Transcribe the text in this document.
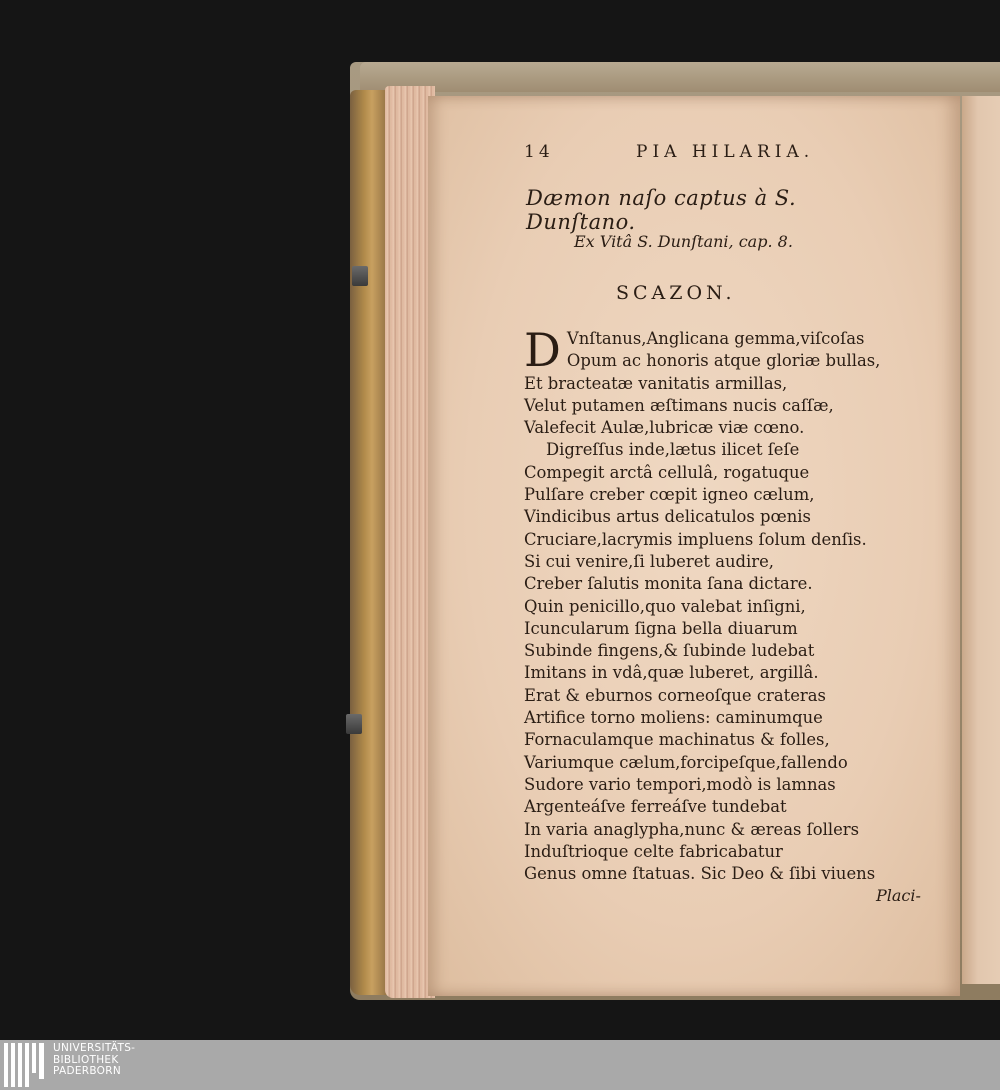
14	PIA HILARIA.
Dæmon naſo captus à S. Dunſtano.
Ex Vitâ S. Dunſtani, cap. 8.
SCAZON.
D Vnſtanus,Anglicana gemma,viſcoſas
Opum ac honoris atque gloriæ bullas,
Et bracteatæ vanitatis armillas,
Velut putamen æſtimans nucis caſſæ,
Valefecit Aulæ,lubricæ viæ cœno.
Digreſſus inde,lætus ilicet ſeſe
Compegit arctâ cellulâ, rogatuque
Pulſare creber cœpit igneo cælum,
Vindicibus artus delicatulos pœnis
Cruciare,lacrymis impluens ſolum denſis.
Si cui venire,ſi luberet audire,
Creber ſalutis monita ſana dictare.
Quin penicillo,quo valebat inſigni,
Icuncularum ſigna bella diuarum
Subinde fingens,& ſubinde ludebat
Imitans in vdâ,quæ luberet, argillâ.
Erat & eburnos corneoſque crateras
Artifice torno moliens: caminumque
Fornaculamque machinatus & folles,
Variumque cælum,forcipeſque,fallendo
Sudore vario tempori,modò is lamnas
Argenteáſve ferreáſve tundebat
In varia anaglypha,nunc & æreas ſollers
Induſtrioque celte fabricabatur
Genus omne ſtatuas. Sic Deo & ſibi viuens
Placi-
UNIVERSITÄTS-
BIBLIOTHEK
PADERBORN
